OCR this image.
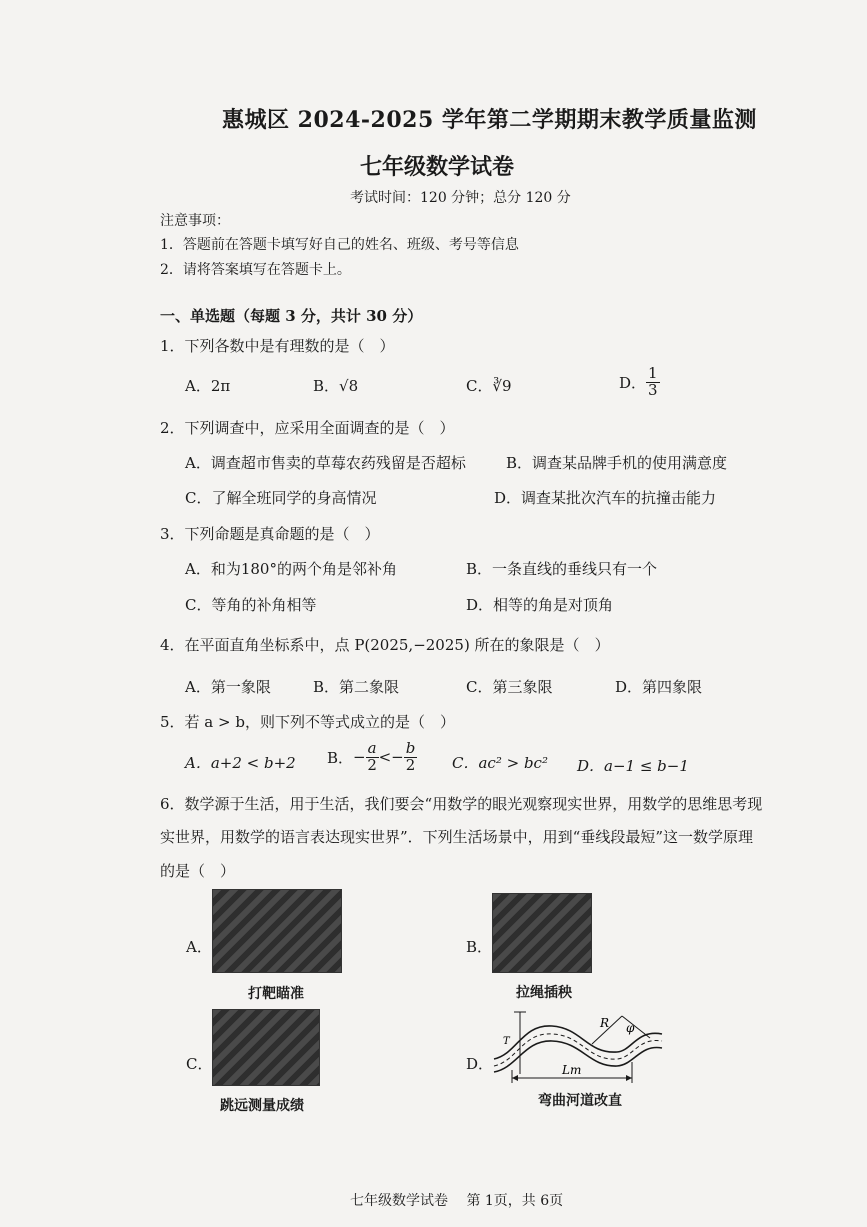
惠城区 2024-2025 学年第二学期期末教学质量监测
七年级数学试卷
考试时间：120 分钟；总分 120 分
注意事项：
1．答题前在答题卡填写好自己的姓名、班级、考号等信息
2．请将答案填写在答题卡上。
一、单选题（每题 3 分，共计 30 分）
1．下列各数中是有理数的是（　）
A．2π	B．√8	C．∛9	D． $\frac{1}{3}$
2．下列调查中，应采用全面调查的是（　）
A．调查超市售卖的草莓农药残留是否超标	B．调查某品牌手机的使用满意度
C．了解全班同学的身高情况	D．调查某批次汽车的抗撞击能力
3．下列命题是真命题的是（　）
A．和为180°的两个角是邻补角	B．一条直线的垂线只有一个
C．等角的补角相等	D．相等的角是对顶角
4．在平面直角坐标系中，点 P(2025,−2025) 所在的象限是（　）
A．第一象限	B．第二象限	C．第三象限	D．第四象限
5．若 a > b，则下列不等式成立的是（　）
A．a+2 < b+2 B． − $\frac{a}{2} <- \frac{b}{2}$ C．ac² > bc² D．a−1 ≤ b−1
6．数学源于生活，用于生活，我们要会“用数学的眼光观察现实世界，用数学的思维思考现
实世界，用数学的语言表达现实世界”．下列生活场景中，用到“垂线段最短”这一数学原理
的是（　）
A．
打靶瞄准
B．
拉绳插秧
C．
跳远测量成绩
D．
T
R φ
Lm
弯曲河道改直
七年级数学试卷　 第 1页，共 6页
